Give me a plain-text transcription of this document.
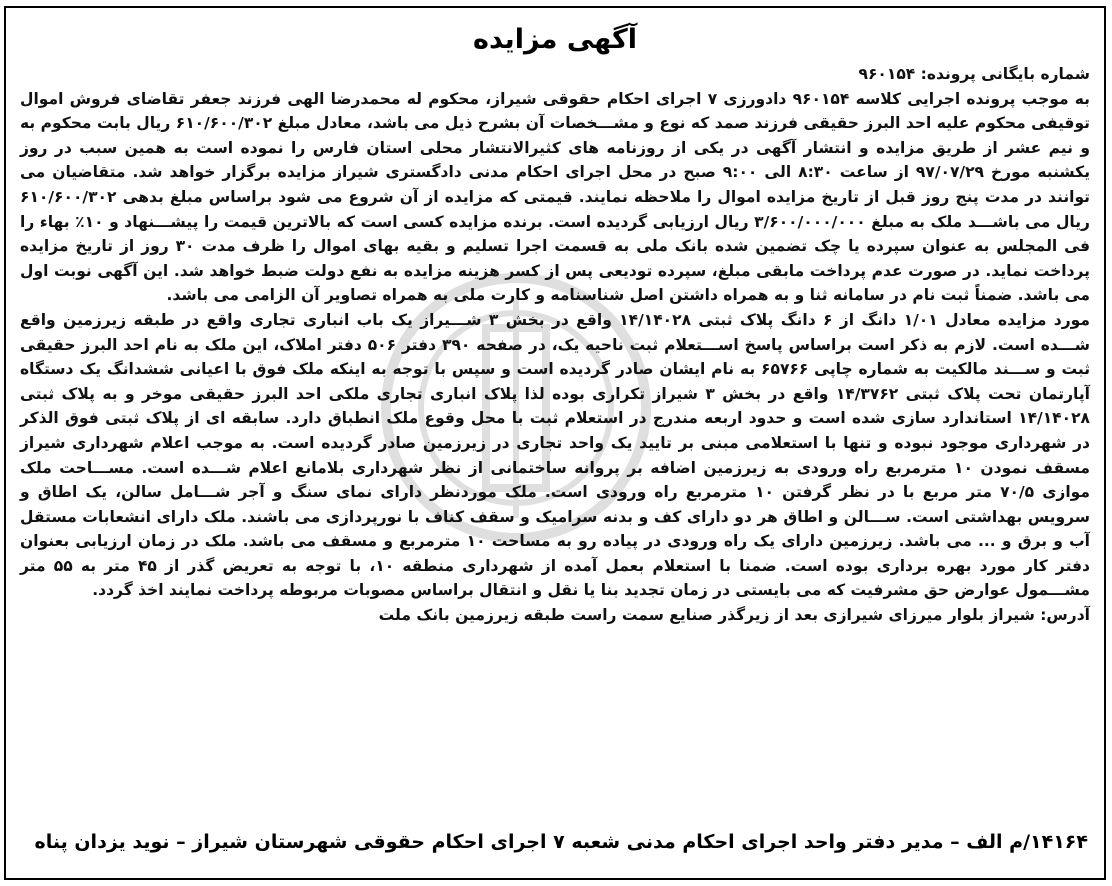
آگهی مزایده

شماره بایگانی پرونده: ۹۶۰۱۵۴

به موجب پرونده اجرایی کلاسه ۹۶۰۱۵۴ دادورزی ۷ اجرای احکام حقوقی شیراز، محکوم له محمدرضا الهی فرزند جعفر تقاضای فروش اموال توقیفی محکوم علیه احد البرز حقیقی فرزند صمد که نوع و مشـــخصات آن بشرح ذیل می باشد، معادل مبلغ ۶۱۰/۶۰۰/۳۰۲ ریال بابت محکوم به و نیم عشر از طریق مزایده و انتشار آگهی در یکی از روزنامه های کثیرالانتشار محلی استان فارس را نموده است به همین سبب در روز یکشنبه مورخ ۹۷/۰۷/۲۹ از ساعت ۸:۳۰ الی ۹:۰۰ صبح در محل اجرای احکام مدنی دادگستری شیراز مزایده برگزار خواهد شد. متقاضیان می توانند در مدت پنج روز قبل از تاریخ مزایده اموال را ملاحظه نمایند. قیمتی که مزایده از آن شروع می شود براساس مبلغ بدهی ۶۱۰/۶۰۰/۳۰۲ ریال می باشـــد ملک به مبلغ ۳/۶۰۰/۰۰۰/۰۰۰ ریال ارزیابی گردیده است. برنده مزایده کسی است که بالاترین قیمت را پیشـــنهاد و ۱۰٪ بهاء را فی المجلس به عنوان سپرده یا چک تضمین شده بانک ملی به قسمت اجرا تسلیم و بقیه بهای اموال را ظرف مدت ۳۰ روز از تاریخ مزایده پرداخت نماید. در صورت عدم پرداخت مابقی مبلغ، سپرده تودیعی پس از کسر هزینه مزایده به نفع دولت ضبط خواهد شد. این آگهی نوبت اول می باشد. ضمناً ثبت نام در سامانه ثنا و به همراه داشتن اصل شناسنامه و کارت ملی به همراه تصاویر آن الزامی می باشد.

مورد مزایده معادل ۱/۰۱ دانگ از ۶ دانگ پلاک ثبتی ۱۴/۱۴۰۲۸ واقع در بخش ۳ شـــیراز یک باب انباری تجاری واقع در طبقه زیرزمین واقع شـــده است. لازم به ذکر است براساس پاسخ اســـتعلام ثبت ناحیه یک، در صفحه ۳۹۰ دفتر ۵۰۶ دفتر املاک، این ملک به نام احد البرز حقیقی ثبت و ســـند مالکیت به شماره چاپی ۶۵۷۶۶ به نام ایشان صادر گردیده است و سپس با توجه به اینکه ملک فوق با اعیانی ششدانگ یک دستگاه آپارتمان تحت پلاک ثبتی ۱۴/۳۷۶۲ واقع در بخش ۳ شیراز تکراری بوده لذا پلاک انباری تجاری ملکی احد البرز حقیقی موخر و به پلاک ثبتی ۱۴/۱۴۰۲۸ استاندارد سازی شده است و حدود اربعه مندرج در استعلام ثبت با محل وقوع ملک انطباق دارد. سابقه ای از پلاک ثبتی فوق الذکر در شهرداری موجود نبوده و تنها با استعلامی مبنی بر تایید یک واحد تجاری در زیرزمین صادر گردیده است. به موجب اعلام شهرداری شیراز مسقف نمودن ۱۰ مترمربع راه ورودی به زیرزمین اضافه بر پروانه ساختمانی از نظر شهرداری بلامانع اعلام شـــده است. مســـاحت ملک موازی ۷۰/۵ متر مربع با در نظر گرفتن ۱۰ مترمربع راه ورودی است. ملک موردنظر دارای نمای سنگ و آجر شـــامل سالن، یک اطاق و سرویس بهداشتی است. ســـالن و اطاق هر دو دارای کف و بدنه سرامیک و سقف کناف با نورپردازی می باشند. ملک دارای انشعابات مستقل آب و برق و ... می باشد. زیرزمین دارای یک راه ورودی در پیاده رو به مساحت ۱۰ مترمربع و مسقف می باشد. ملک در زمان ارزیابی بعنوان دفتر کار مورد بهره برداری بوده است. ضمنا با استعلام بعمل آمده از شهرداری منطقه ۱۰، با توجه به تعریض گذر از ۴۵ متر به ۵۵ متر مشـــمول عوارض حق مشرفیت که می بایستی در زمان تجدید بنا یا نقل و انتقال براساس مصوبات مربوطه پرداخت نمایند اخذ گردد.

آدرس: شیراز بلوار میرزای شیرازی بعد از زیرگذر صنایع سمت راست طبقه زیرزمین بانک ملت

۱۴۱۶۴/م الف – مدیر دفتر واحد اجرای احکام مدنی شعبه ۷ اجرای احکام حقوقی شهرستان شیراز – نوید یزدان پناه
